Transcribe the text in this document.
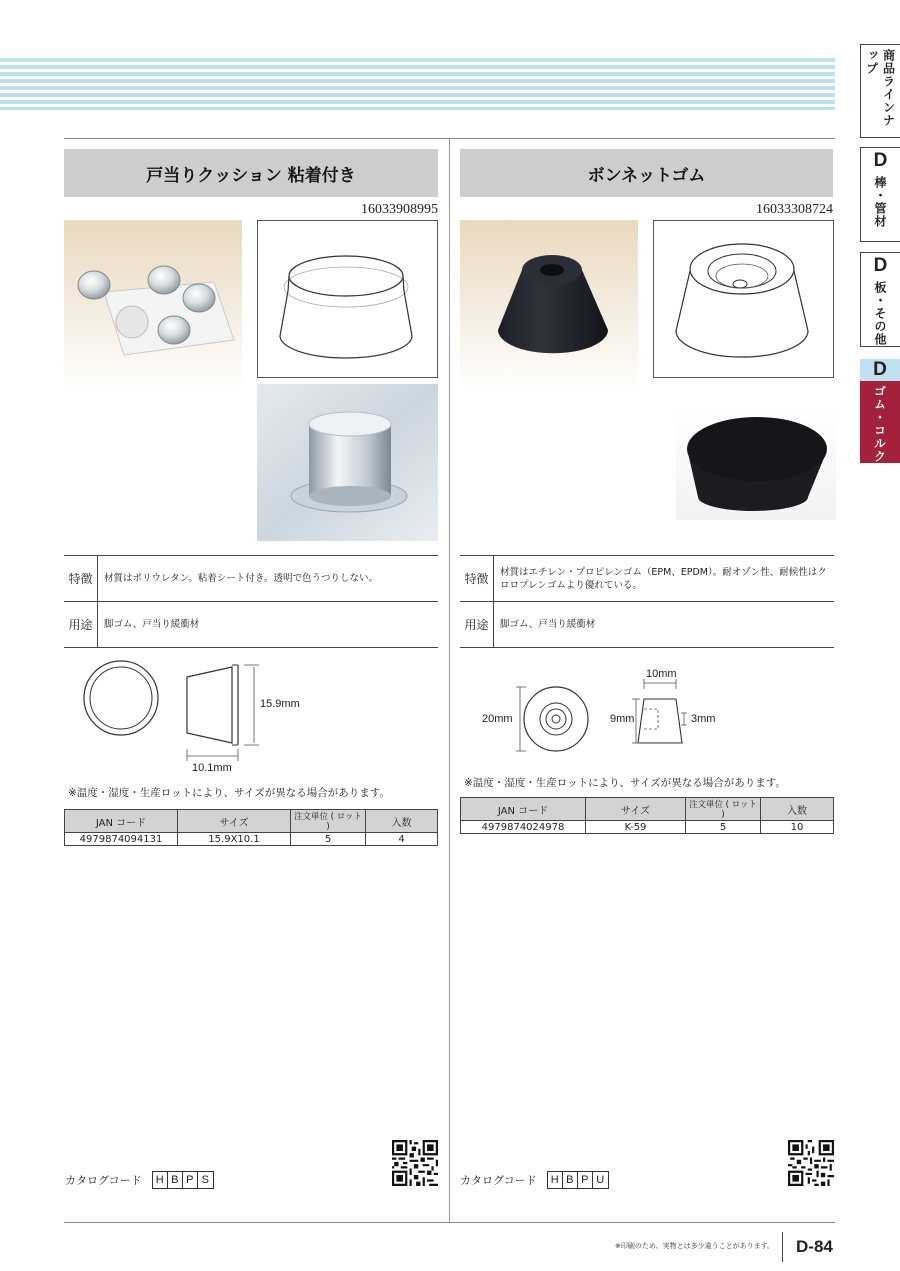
商品ラインナップ
D
棒・管材
D
板・その他
D
ゴム・コルク
戸当りクッション 粘着付き
16033908995
特徴	材質はポリウレタン。粘着シート付き。透明で色うつりしない。
用途	脚ゴム、戸当り緩衝材
15.9mm
10.1mm
※温度・湿度・生産ロットにより、サイズが異なる場合があります。
JAN コード	サイズ	注文単位 ( ロット )	入数
4979874094131	15.9X10.1	5	4
カタログコード H B P S
ボンネットゴム
16033308724
特徴	材質はエチレン・プロピレンゴム（EPM、EPDM）。耐オゾン性、耐候性はクロロプレンゴムより優れている。
用途	脚ゴム、戸当り緩衝材
10mm
20mm	9mm	3mm
※温度・湿度・生産ロットにより、サイズが異なる場合があります。
JAN コード	サイズ	注文単位 ( ロット )	入数
4979874024978	K-59	5	10
カタログコード H B P U
※印刷のため、実物とは多少違うことがあります。 D-84
